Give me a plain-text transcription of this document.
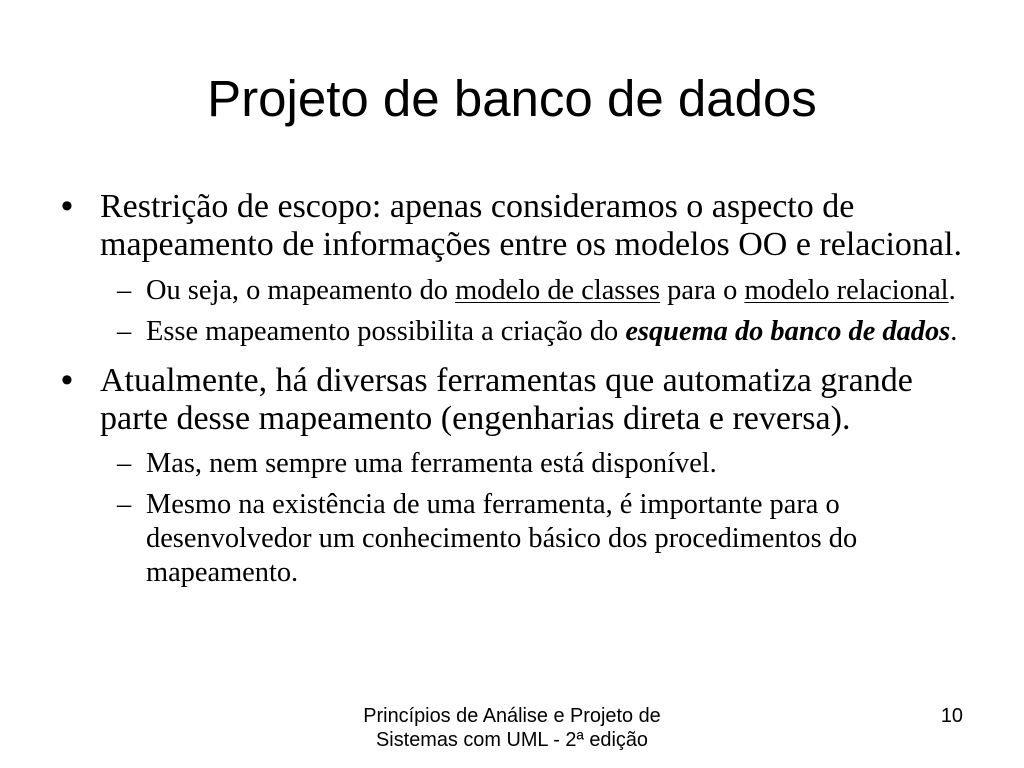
Projeto de banco de dados
• Restrição de escopo: apenas consideramos o aspecto de
mapeamento de informações entre os modelos OO e relacional.
– Ou seja, o mapeamento do modelo de classes para o modelo relacional.
– Esse mapeamento possibilita a criação do esquema do banco de dados.
• Atualmente, há diversas ferramentas que automatiza grande
parte desse mapeamento (engenharias direta e reversa).
– Mas, nem sempre uma ferramenta está disponível.
– Mesmo na existência de uma ferramenta, é importante para o
desenvolvedor um conhecimento básico dos procedimentos do
mapeamento.
Princípios de Análise e Projeto de
Sistemas com UML - 2ª edição
10
